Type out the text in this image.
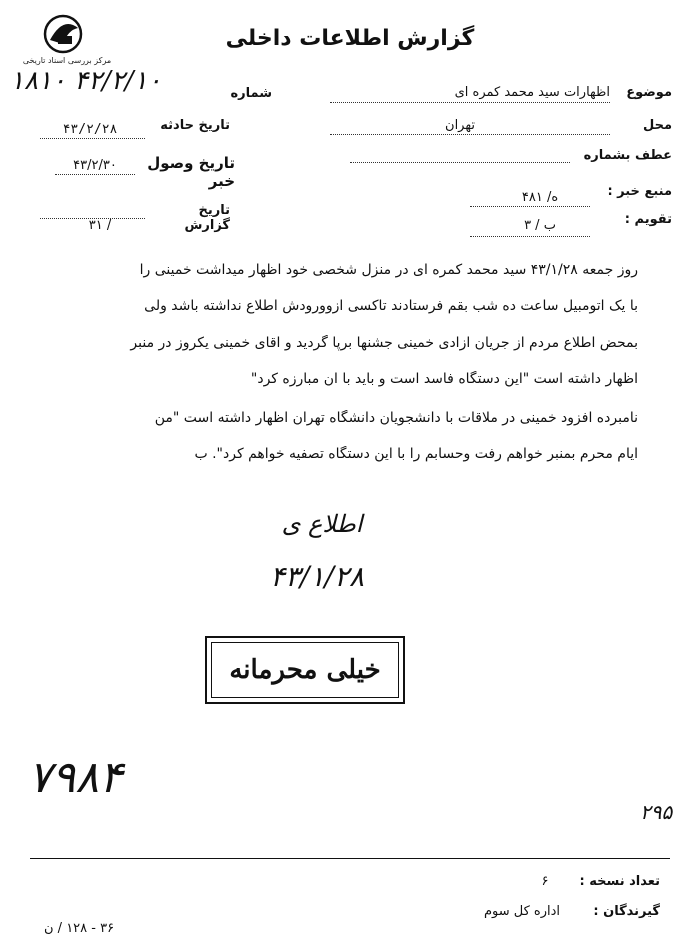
گزارش اطلاعات داخلی
مرکز بررسی اسناد تاریخی
۱۸۱۰ ۴۲/۲/۱۰	شماره
تاریخ حادثه
۴۳/۲/۲۸
تاریخ وصول خبر
۴۳/۲/۳۰
تاریخ گزارش
۳۱ /
موضوع
اظهارات سید محمد کمره ای
محل
تهران
عطف بشماره
منبع خبر :
ه/ ۴۸۱
تقویم :
ب / ۳
روز جمعه ۴۳/۱/۲۸ سید محمد کمره ای در منزل شخصی خود اظهار میداشت خمینی را
با یک اتومبیل ساعت ده شب بقم فرستادند تاکسی ازوورودش اطلاع نداشته باشد ولی
بمحض اطلاع مردم از جریان ازادی خمینی جشنها برپا گردید و اقای خمینی یکروز در منبر
اظهار داشته است "این دستگاه فاسد است و باید با ان مبارزه کرد"
نامبرده افزود خمینی در ملاقات با دانشجویان دانشگاه تهران اظهار داشته است "من
ایام محرم بمنبر خواهم رفت وحسابم را با این دستگاه تصفیه خواهم کرد". ب
اطلاع ی
۴۳/۱/۲۸
خیلی محرمانه
۷۹۸۴
۲۹۵
تعداد نسخه :
۶
گیرندگان :
اداره کل سوم
۳۶ - ۱۲۸ / ن
